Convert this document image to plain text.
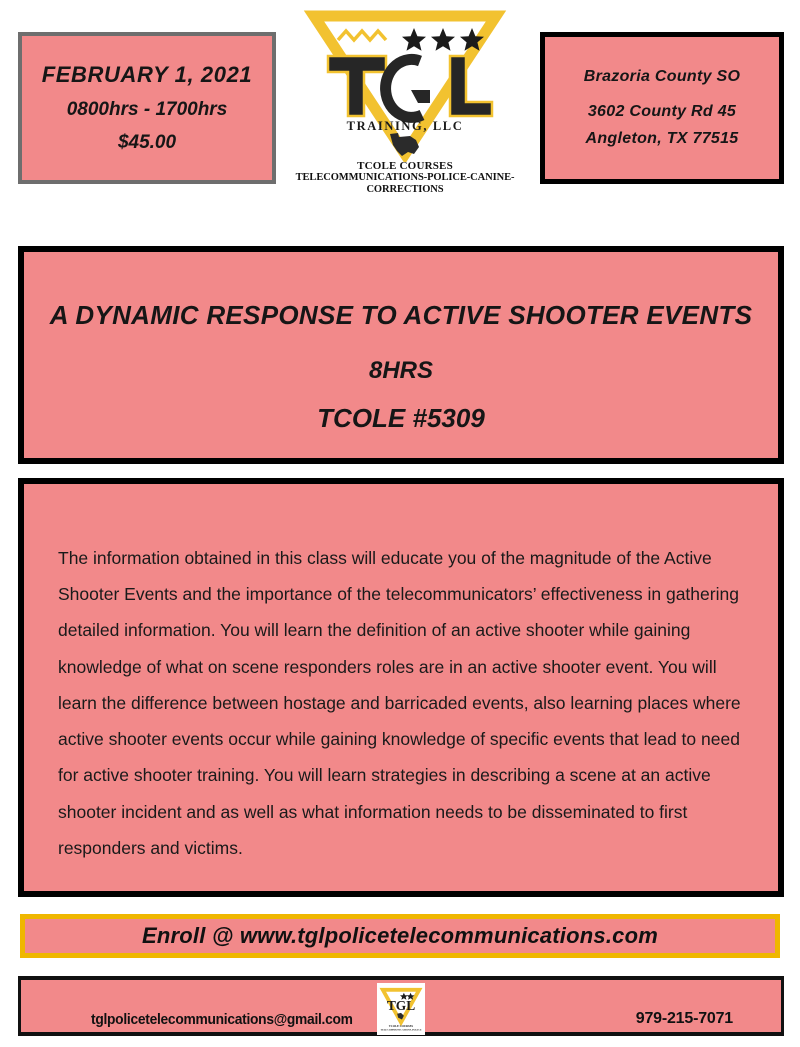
FEBRUARY 1, 2021
0800hrs - 1700hrs
$45.00
TRAINING, LLC
TCOLE COURSES
TELECOMMUNICATIONS-POLICE-CANINE-CORRECTIONS
Brazoria County SO
3602 County Rd 45
Angleton, TX 77515
A DYNAMIC RESPONSE TO ACTIVE SHOOTER EVENTS
8HRS
TCOLE #5309

The information obtained in this class will educate you of the magnitude of the Active Shooter Events and the importance of the telecommunicators’ effectiveness in gathering detailed information. You will learn the definition of an active shooter while gaining knowledge of what on scene responders roles are in an active shooter event. You will learn the difference between hostage and barricaded events, also learning places where active shooter events occur while gaining knowledge of specific events that lead to need for active shooter training. You will learn strategies in describing a scene at an active shooter incident and as well as what information needs to be disseminated to first responders and victims.

Enroll @ www.tglpolicetelecommunications.com
tglpolicetelecommunications@gmail.com
TGL
TCOLE COURSES
TELECOMMUNICATIONS-POLICE
979-215-7071
